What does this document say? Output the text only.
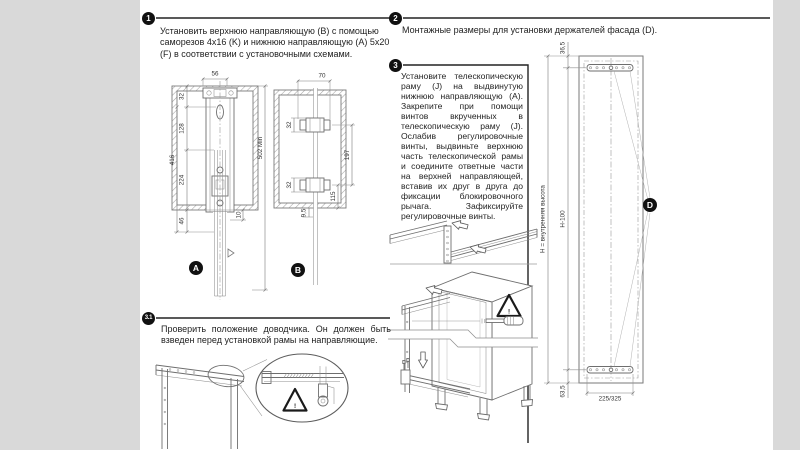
56
32
128
224
46
416
10
502 Min
A
70
32
32
197
115
9,5
B
!
H = внутренняя высота
36,5
H-100
63,5
225/325
D
!
1	2
3
3.1
Установить верхнюю направляющую (B) с помощью саморезов 4x16 (K) и нижнюю направляющую (A) 5x20 (F) в соответствии с установочными схемами.
Монтажные размеры для установки держателей фасада (D).
Установите телескопическую раму (J) на выдвинутую нижнюю направляющую (A). Закрепите при помощи винтов вкрученных в телескопическую раму (J). Ослабив регулировочные винты, выдвиньте верхнюю часть телескопической рамы и соедините ответные части на верхней направляющей, вставив их друг в друга до фиксации блокировочного рычага. Зафиксируйте регулировочные винты.
Проверить положение доводчика. Он должен быть взведен перед установкой рамы на направляющие.
